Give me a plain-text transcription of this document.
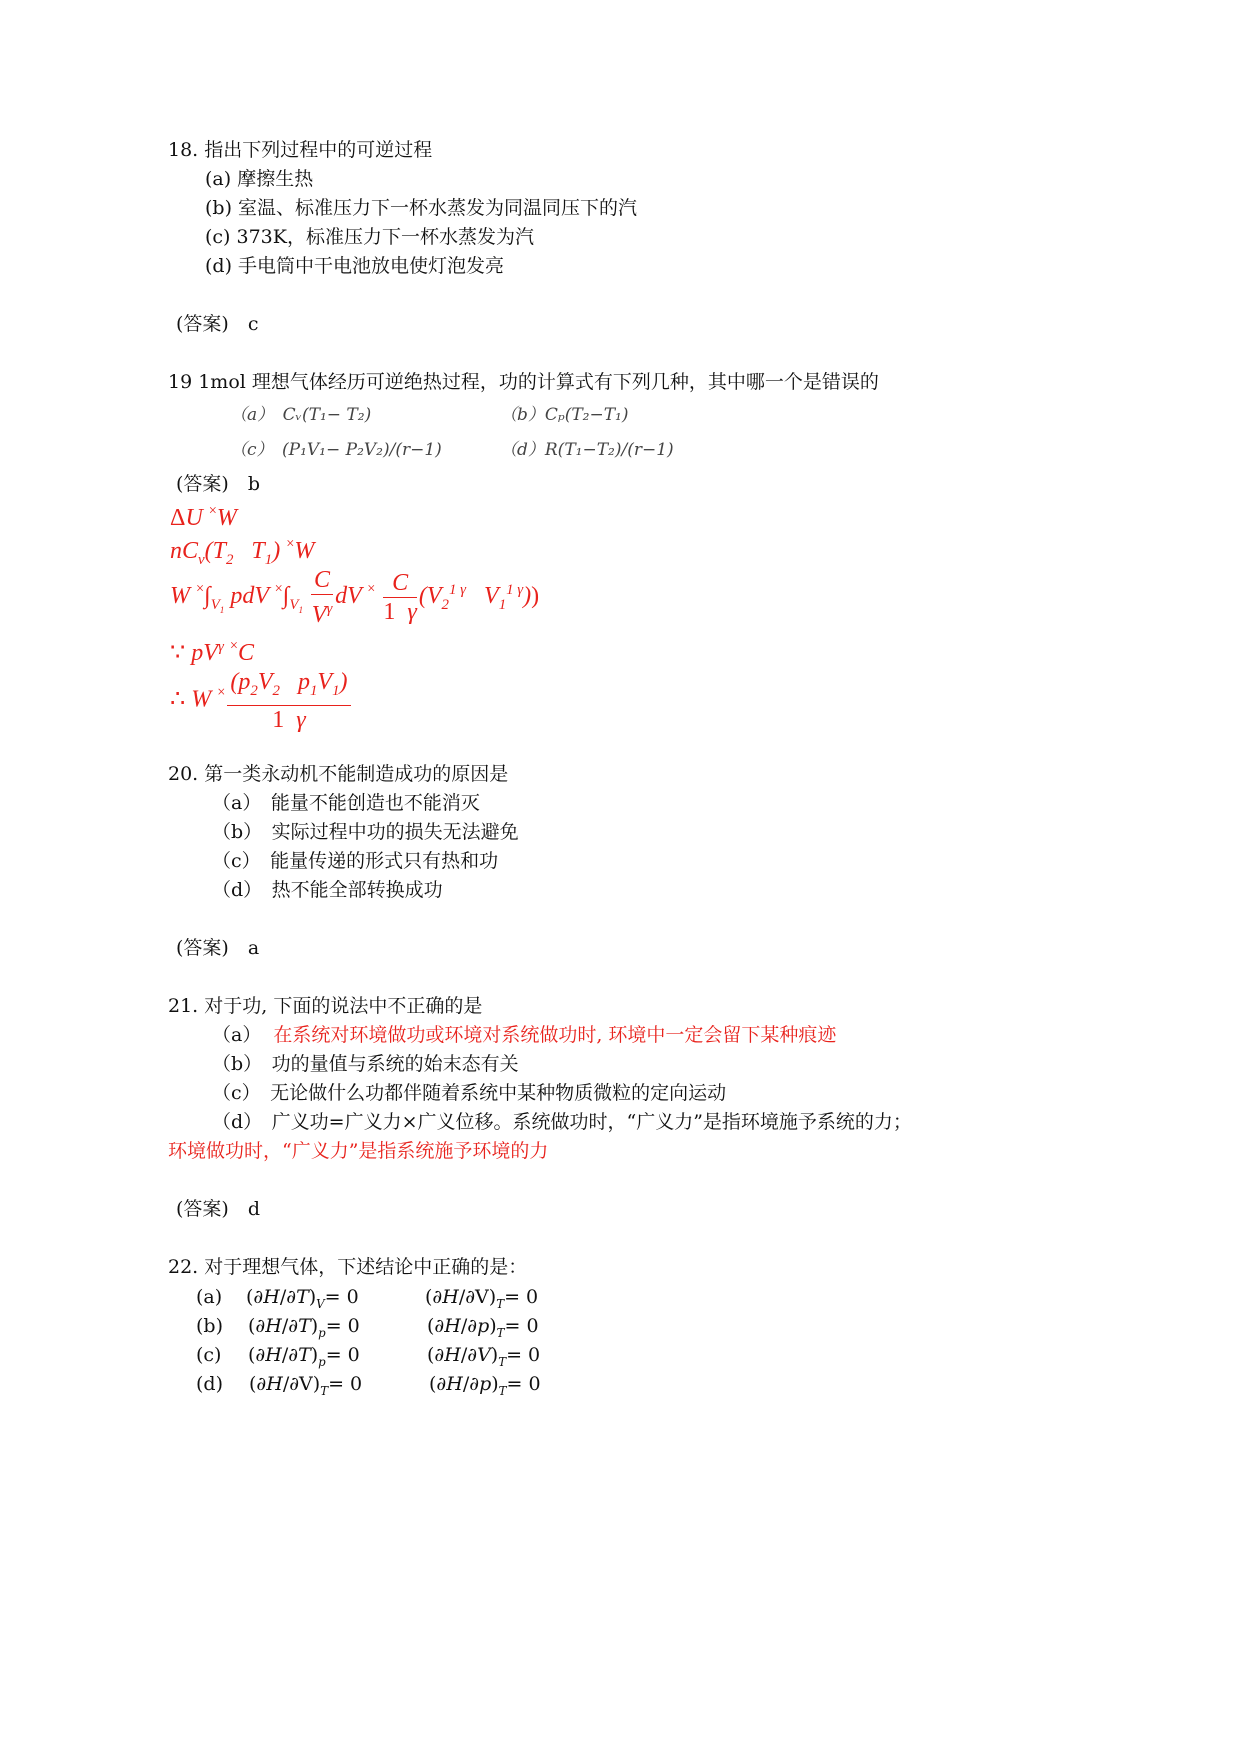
18. 指出下列过程中的可逆过程
(a) 摩擦生热
(b) 室温、标准压力下一杯水蒸发为同温同压下的汽
(c) 373K，标准压力下一杯水蒸发为汽
(d) 手电筒中干电池放电使灯泡发亮
(答案)　c
19 1mol 理想气体经历可逆绝热过程，功的计算式有下列几种，其中哪一个是错误的
（a）　Cᵥ(T₁− T₂)	（b）Cₚ(T₂−T₁)
（c）　(P₁V₁− P₂V₂)/(r−1)	（d）R(T₁−T₂)/(r−1)
(答案)　b
ΔU ×W
$nC_v(T_2$   $T_1$) ×W
W $^\times\int_{V_1}$ pdV $^\times\int_{V_1} \frac{C}{V^\gamma}$ dV $^\times \frac{C}{1 \gamma} (V_2^{1 \gamma}$   $V_1^{1 \gamma}$))
∵ $pV^\gamma$ ×C
∴ W $^\times \frac{(p_2V_2 p_1V_1)}{1 \gamma}$
20. 第一类永动机不能制造成功的原因是
（a）　能量不能创造也不能消灭
（b）　实际过程中功的损失无法避免
（c）　能量传递的形式只有热和功
（d）　热不能全部转换成功
(答案)　a
21. 对于功, 下面的说法中不正确的是
（a） 在系统对环境做功或环境对系统做功时, 环境中一定会留下某种痕迹
（b）　功的量值与系统的始末态有关
（c）　无论做什么功都伴随着系统中某种物质微粒的定向运动
（d）　广义功=广义力×广义位移。系统做功时，“广义力”是指环境施予系统的力；
环境做功时，“广义力”是指系统施予环境的力
(答案)　d
22. 对于理想气体，下述结论中正确的是：
(a) $(\partial H/\partial T)_V= 0$	$(\partial H/\partial V)_T= 0$
(b) $(\partial H/\partial T)_p= 0$	$(\partial H/\partial p)_T= 0$
(c) $(\partial H/\partial T)_p= 0$	$(\partial H/\partial V)_T= 0$
(d) $(\partial H/\partial V)_T= 0$	$(\partial H/\partial p)_T= 0$
